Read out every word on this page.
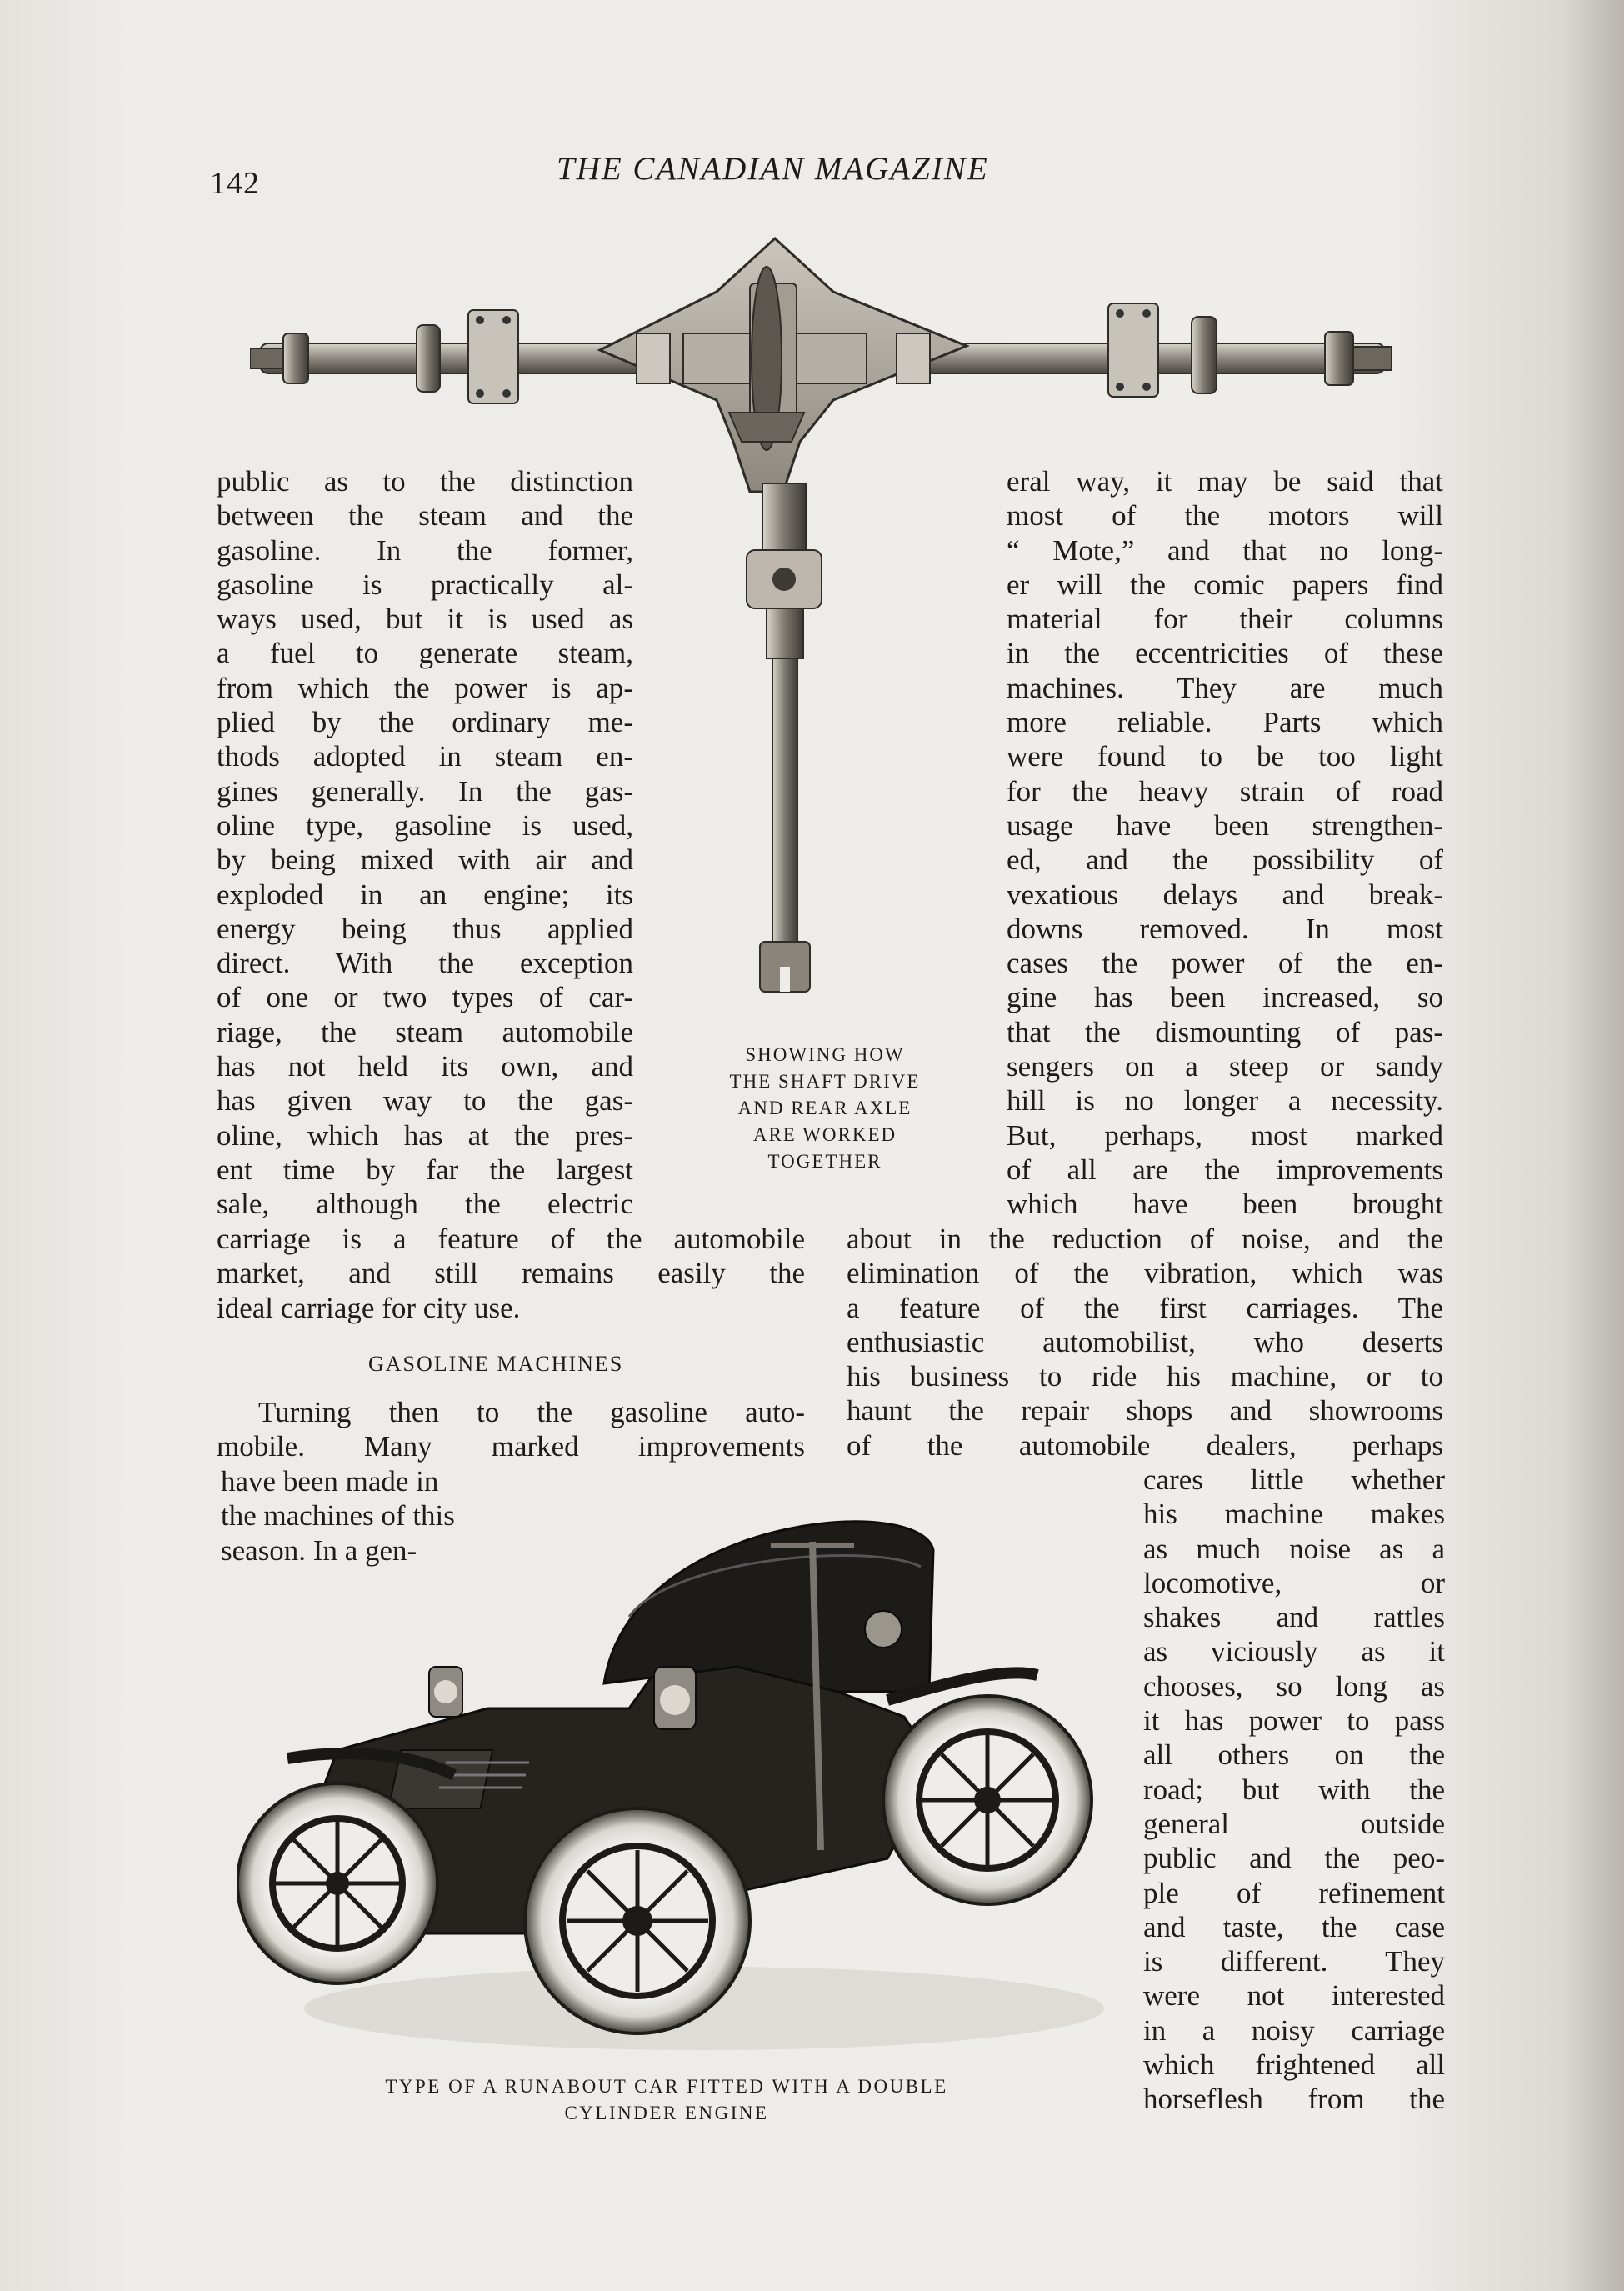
142	THE CANADIAN MAGAZINE
public as to the distinction
between the steam and the
gasoline. In the former,
gasoline is practically al-
ways used, but it is used as
a fuel to generate steam,
from which the power is ap-
plied by the ordinary me-
thods adopted in steam en-
gines generally. In the gas-
oline type, gasoline is used,
by being mixed with air and
exploded in an engine; its
energy being thus applied
direct. With the exception
of one or two types of car-
riage, the steam automobile
has not held its own, and
has given way to the gas-
oline, which has at the pres-
ent time by far the largest
sale, although the electric
SHOWING HOW
THE SHAFT DRIVE
AND REAR AXLE
ARE WORKED
TOGETHER
carriage is a feature of the automobile
market, and still remains easily the
ideal carriage for city use.
GASOLINE MACHINES
Turning then to the gasoline auto-
mobile. Many marked improvements
have been made in
the machines of this
season. In a gen-
eral way, it may be said that
most of the motors will
“ Mote,” and that no long-
er will the comic papers find
material for their columns
in the eccentricities of these
machines. They are much
more reliable. Parts which
were found to be too light
for the heavy strain of road
usage have been strengthen-
ed, and the possibility of
vexatious delays and break-
downs removed. In most
cases the power of the en-
gine has been increased, so
that the dismounting of pas-
sengers on a steep or sandy
hill is no longer a necessity.
But, perhaps, most marked
of all are the improvements
which have been brought
about in the reduction of noise, and the
elimination of the vibration, which was
a feature of the first carriages. The
enthusiastic automobilist, who deserts
his business to ride his machine, or to
haunt the repair shops and showrooms
of the automobile dealers, perhaps
cares little whether
his machine makes
as much noise as a
locomotive, or
shakes and rattles
as viciously as it
chooses, so long as
it has power to pass
all others on the
road; but with the
general outside
public and the peo-
ple of refinement
and taste, the case
is different. They
were not interested
in a noisy carriage
which frightened all
horseflesh from the
TYPE OF A RUNABOUT CAR FITTED WITH A DOUBLE
CYLINDER ENGINE
